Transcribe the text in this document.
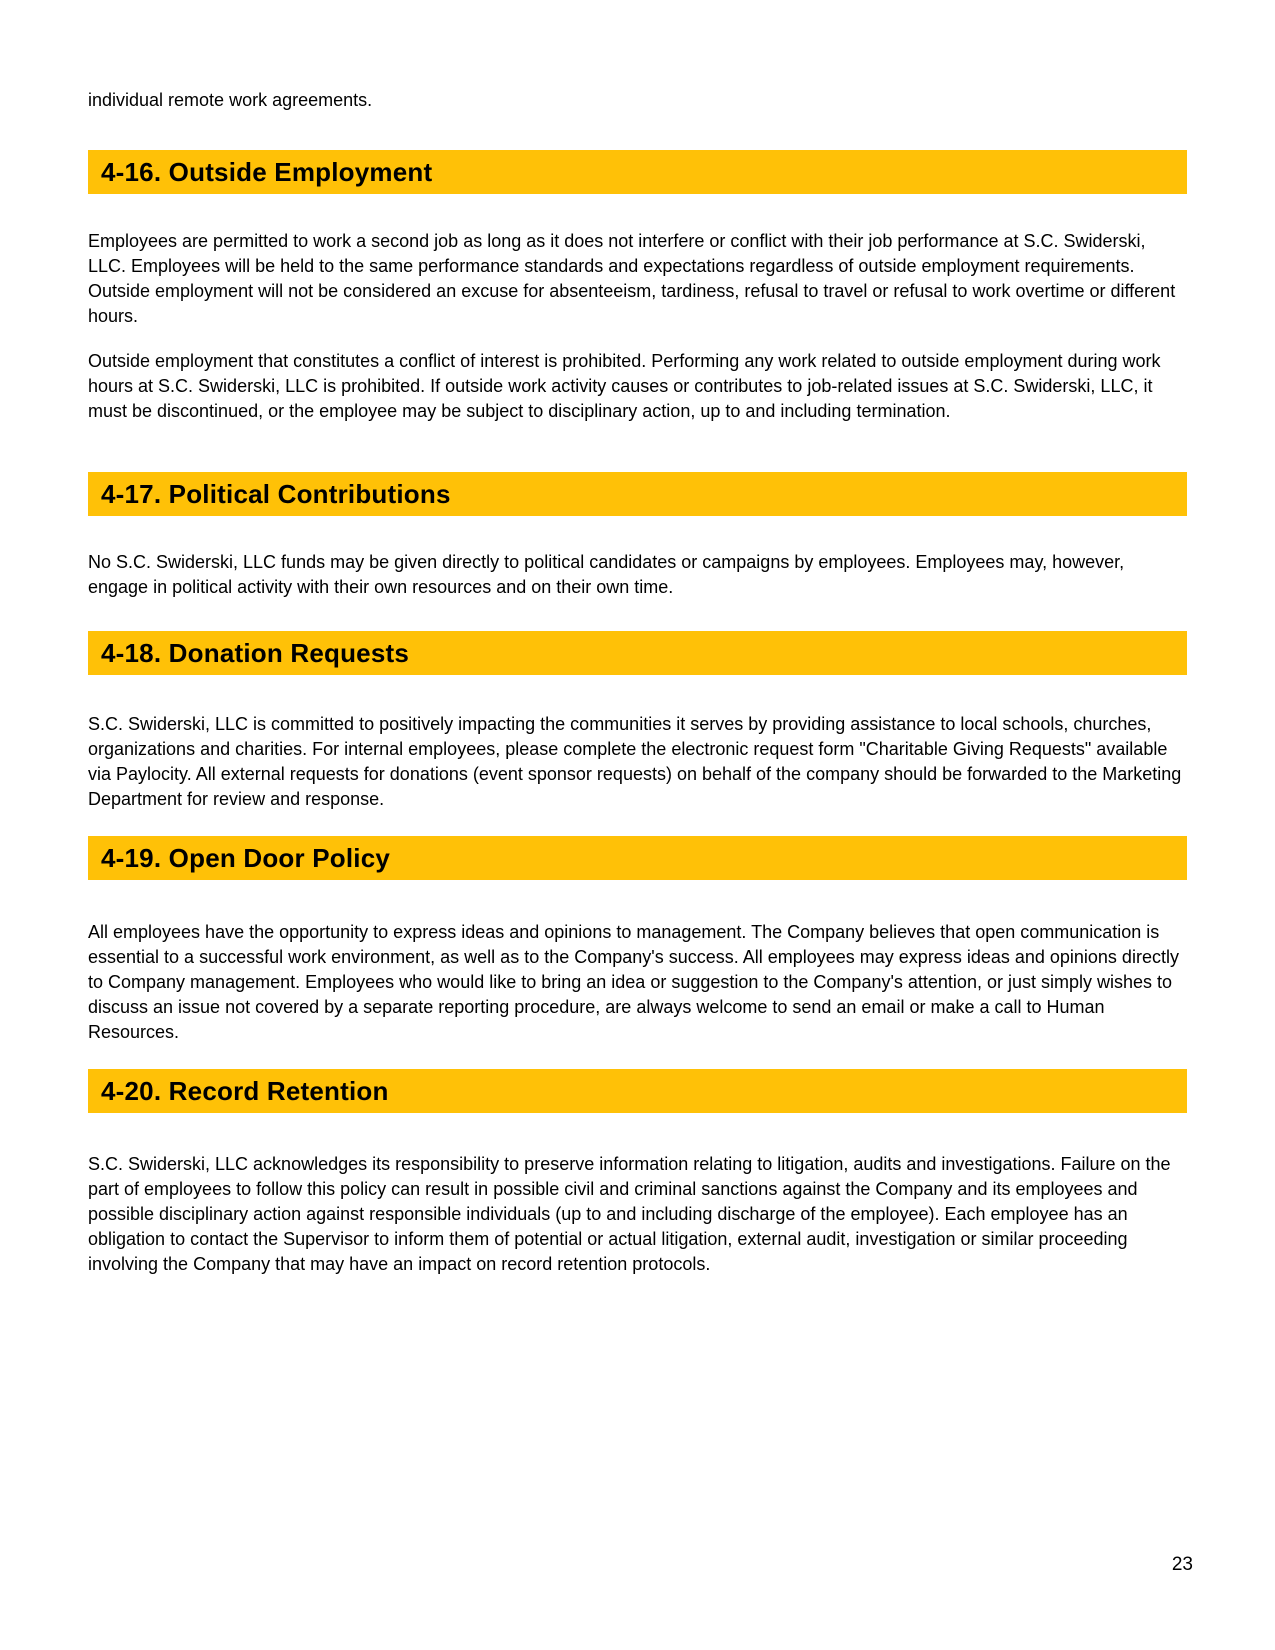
individual remote work agreements.

4-16. Outside Employment

Employees are permitted to work a second job as long as it does not interfere or conflict with their job performance at S.C. Swiderski, LLC. Employees will be held to the same performance standards and expectations regardless of outside employment requirements. Outside employment will not be considered an excuse for absenteeism, tardiness, refusal to travel or refusal to work overtime or different hours.

Outside employment that constitutes a conflict of interest is prohibited. Performing any work related to outside employment during work hours at S.C. Swiderski, LLC is prohibited. If outside work activity causes or contributes to job-related issues at S.C. Swiderski, LLC, it must be discontinued, or the employee may be subject to disciplinary action, up to and including termination.

4-17. Political Contributions

No S.C. Swiderski, LLC funds may be given directly to political candidates or campaigns by employees. Employees may, however, engage in political activity with their own resources and on their own time.

4-18. Donation Requests

S.C. Swiderski, LLC is committed to positively impacting the communities it serves by providing assistance to local schools, churches, organizations and charities. For internal employees, please complete the electronic request form "Charitable Giving Requests" available via Paylocity. All external requests for donations (event sponsor requests) on behalf of the company should be forwarded to the Marketing Department for review and response.

4-19. Open Door Policy

All employees have the opportunity to express ideas and opinions to management. The Company believes that open communication is essential to a successful work environment, as well as to the Company's success. All employees may express ideas and opinions directly to Company management. Employees who would like to bring an idea or suggestion to the Company's attention, or just simply wishes to discuss an issue not covered by a separate reporting procedure, are always welcome to send an email or make a call to Human Resources.

4-20. Record Retention

S.C. Swiderski, LLC acknowledges its responsibility to preserve information relating to litigation, audits and investigations. Failure on the part of employees to follow this policy can result in possible civil and criminal sanctions against the Company and its employees and possible disciplinary action against responsible individuals (up to and including discharge of the employee). Each employee has an obligation to contact the Supervisor to inform them of potential or actual litigation, external audit, investigation or similar proceeding involving the Company that may have an impact on record retention protocols.

23
